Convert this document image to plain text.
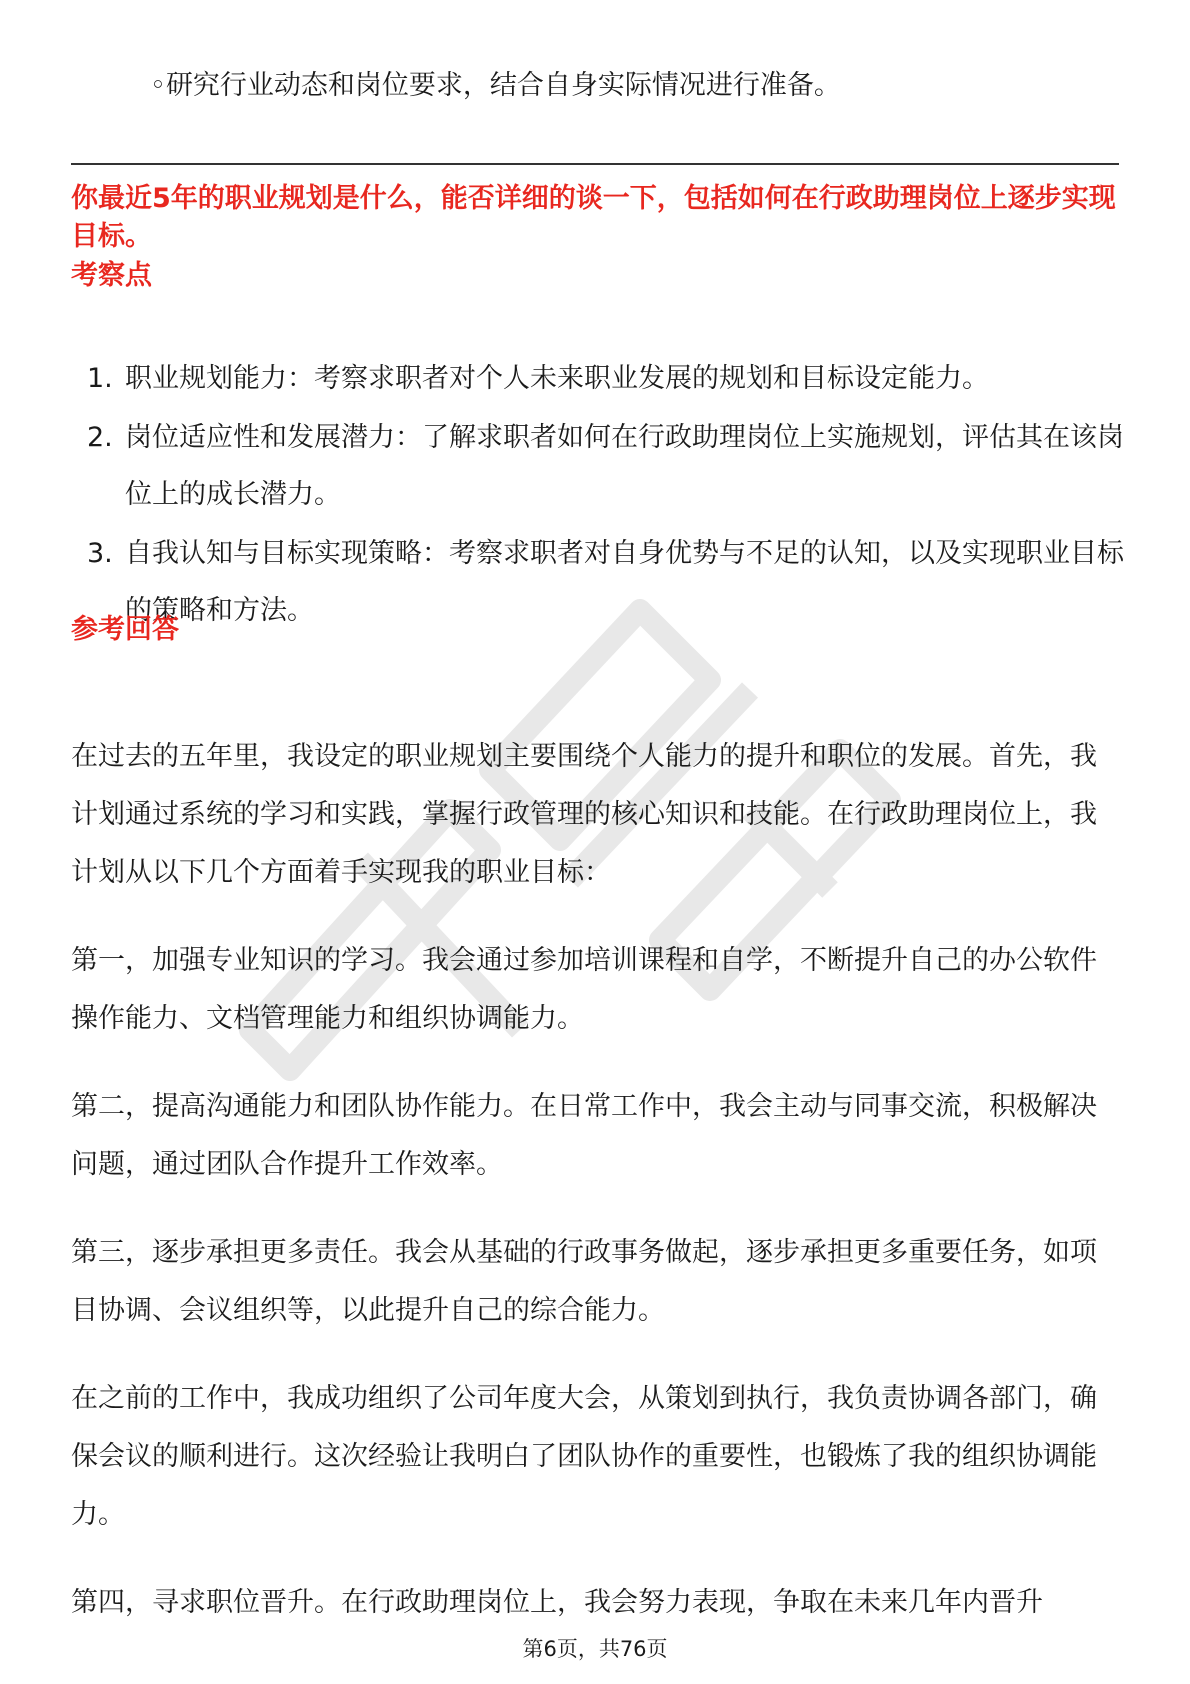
◦研究行业动态和岗位要求，结合自身实际情况进行准备。
你最近5年的职业规划是什么，能否详细的谈一下，包括如何在行政助理岗位上逐步实现目标。
考察点
1. 职业规划能力：考察求职者对个人未来职业发展的规划和目标设定能力。
2. 岗位适应性和发展潜力：了解求职者如何在行政助理岗位上实施规划，评估其在该岗位上的成长潜力。
3. 自我认知与目标实现策略：考察求职者对自身优势与不足的认知，以及实现职业目标的策略和方法。
参考回答

在过去的五年里，我设定的职业规划主要围绕个人能力的提升和职位的发展。首先，我计划通过系统的学习和实践，掌握行政管理的核心知识和技能。在行政助理岗位上，我计划从以下几个方面着手实现我的职业目标：

第一，加强专业知识的学习。我会通过参加培训课程和自学，不断提升自己的办公软件操作能力、文档管理能力和组织协调能力。

第二，提高沟通能力和团队协作能力。在日常工作中，我会主动与同事交流，积极解决问题，通过团队合作提升工作效率。

第三，逐步承担更多责任。我会从基础的行政事务做起，逐步承担更多重要任务，如项目协调、会议组织等，以此提升自己的综合能力。

在之前的工作中，我成功组织了公司年度大会，从策划到执行，我负责协调各部门，确保会议的顺利进行。这次经验让我明白了团队协作的重要性，也锻炼了我的组织协调能力。

第四，寻求职位晋升。在行政助理岗位上，我会努力表现，争取在未来几年内晋升

第6页，共76页
